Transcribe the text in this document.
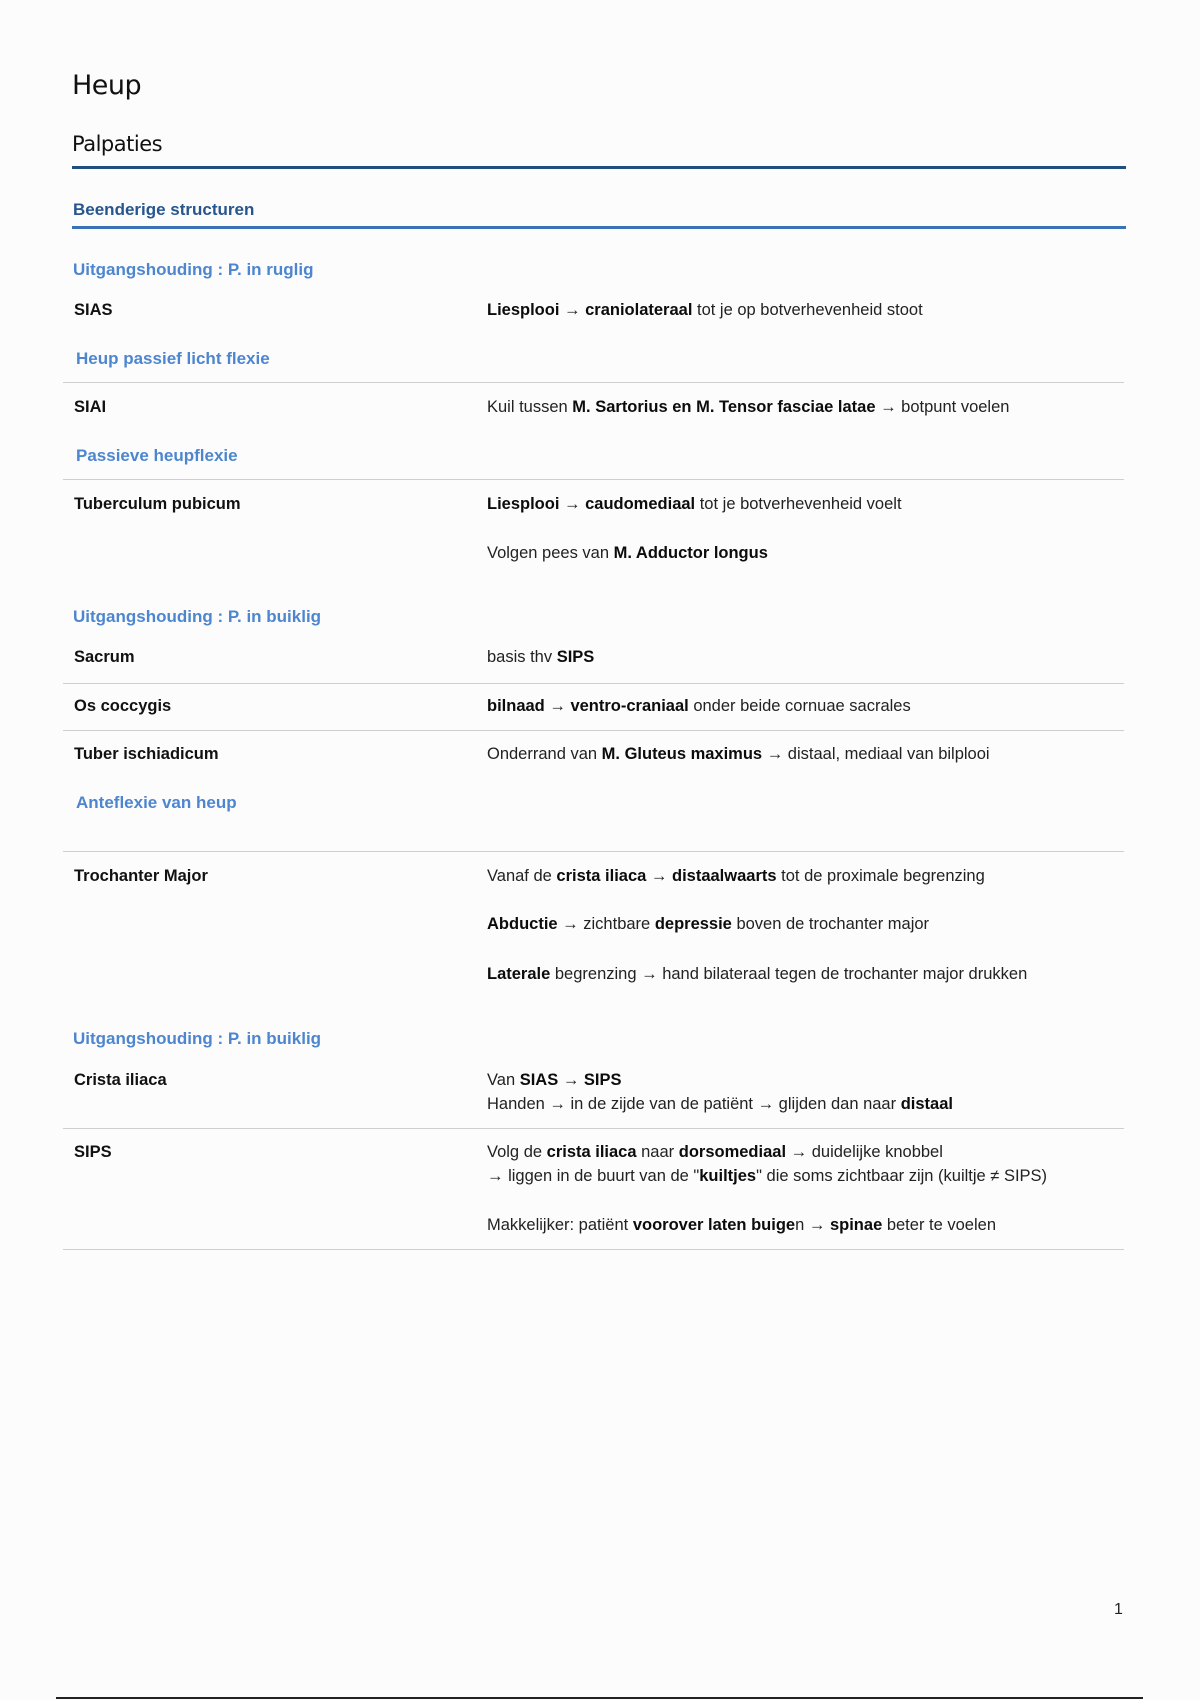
Heup
Palpaties
Beenderige structuren
Uitgangshouding : P. in ruglig
SIAS	Liesplooi → craniolateraal tot je op botverhevenheid stoot
Heup passief licht flexie
SIAI	Kuil tussen M. Sartorius en M. Tensor fasciae latae → botpunt voelen
Passieve heupflexie
Tuberculum pubicum	Liesplooi → caudomediaal tot je botverhevenheid voelt
Volgen pees van M. Adductor longus
Uitgangshouding : P. in buiklig
Sacrum	basis thv SIPS
Os coccygis	bilnaad → ventro-craniaal onder beide cornuae sacrales
Tuber ischiadicum	Onderrand van M. Gluteus maximus → distaal, mediaal van bilplooi
Anteflexie van heup
Trochanter Major	Vanaf de crista iliaca → distaalwaarts tot de proximale begrenzing
Abductie → zichtbare depressie boven de trochanter major
Laterale begrenzing → hand bilateraal tegen de trochanter major drukken
Uitgangshouding : P. in buiklig
Crista iliaca	Van SIAS → SIPS
Handen → in de zijde van de patiënt → glijden dan naar distaal
SIPS	Volg de crista iliaca naar dorsomediaal → duidelijke knobbel
→ liggen in de buurt van de "kuiltjes" die soms zichtbaar zijn (kuiltje ≠ SIPS)
Makkelijker: patiënt voorover laten buigen → spinae beter te voelen
1
